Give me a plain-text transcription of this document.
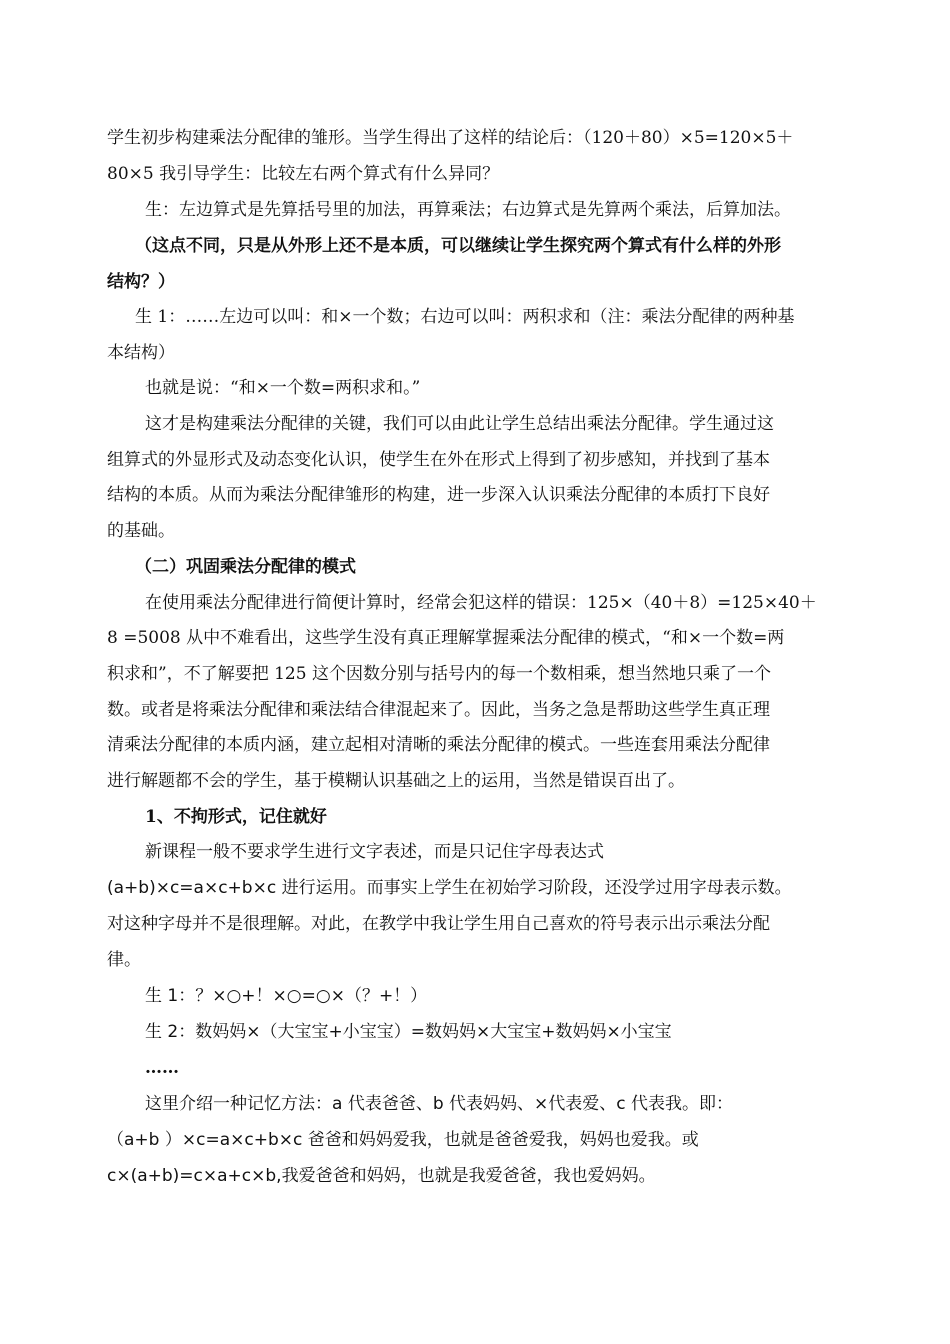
学生初步构建乘法分配律的雏形。当学生得出了这样的结论后：（120＋80）×5=120×5＋
80×5 我引导学生：比较左右两个算式有什么异同？
生：左边算式是先算括号里的加法，再算乘法；右边算式是先算两个乘法，后算加法。
（这点不同，只是从外形上还不是本质，可以继续让学生探究两个算式有什么样的外形
结构？）
生 1：……左边可以叫：和×一个数；右边可以叫：两积求和（注：乘法分配律的两种基
本结构）
也就是说：“和×一个数=两积求和。”
这才是构建乘法分配律的关键，我们可以由此让学生总结出乘法分配律。学生通过这
组算式的外显形式及动态变化认识，使学生在外在形式上得到了初步感知，并找到了基本
结构的本质。从而为乘法分配律雏形的构建，进一步深入认识乘法分配律的本质打下良好
的基础。
（二）巩固乘法分配律的模式
在使用乘法分配律进行简便计算时，经常会犯这样的错误：125×（40＋8）=125×40＋
8 =5008 从中不难看出，这些学生没有真正理解掌握乘法分配律的模式，“和×一个数=两
积求和”，不了解要把 125 这个因数分别与括号内的每一个数相乘，想当然地只乘了一个
数。或者是将乘法分配律和乘法结合律混起来了。因此，当务之急是帮助这些学生真正理
清乘法分配律的本质内涵，建立起相对清晰的乘法分配律的模式。一些连套用乘法分配律
进行解题都不会的学生，基于模糊认识基础之上的运用，当然是错误百出了。
1、不拘形式，记住就好
新课程一般不要求学生进行文字表述，而是只记住字母表达式
(a+b)×c=a×c+b×c 进行运用。而事实上学生在初始学习阶段，还没学过用字母表示数。
对这种字母并不是很理解。对此，在教学中我让学生用自己喜欢的符号表示出示乘法分配
律。
生 1：？×○+！×○=○×（？+！）
生 2：数妈妈×（大宝宝+小宝宝）=数妈妈×大宝宝+数妈妈×小宝宝
……
这里介绍一种记忆方法：a 代表爸爸、b 代表妈妈、×代表爱、c 代表我。即：
（a+b ）×c=a×c+b×c 爸爸和妈妈爱我，也就是爸爸爱我，妈妈也爱我。或
c×(a+b)=c×a+c×b,我爱爸爸和妈妈，也就是我爱爸爸，我也爱妈妈。
